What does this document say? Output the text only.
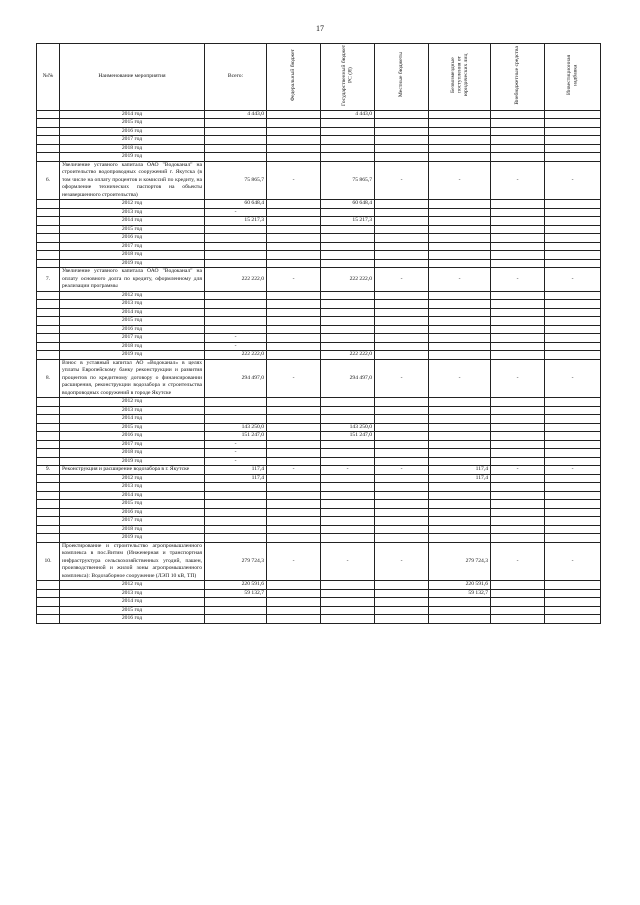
17
№№	Наименование мероприятия	Всего:	Федеральный бюджет	Государственный бюджет РС (Я)	Местные бюджеты	Безвозмездные поступления от юридических лиц	Внебюджетные средства	Инвестиционная надбавка
	2014 год	4 443,0		4 443,0				
	2015 год							
	2016 год							
	2017 год							
	2018 год							
	2019 год							
6.	Увеличение уставного капитала ОАО "Водоканал" на строительство водопроводных сооружений г. Якутска (в том числе на оплату процентов и комиссий по кредиту, на оформление технических паспортов на объекты незавершенного строительства)	75 865,7	-	75 865,7	-	-	-	-
	2012 год	60 648,4		60 648,4				
	2013 год	-						
	2014 год	15 217,3		15 217,3				
	2015 год							
	2016 год							
	2017 год							
	2018 год							
	2019 год							
7.	Увеличение уставного капитала ОАО "Водоканал" на оплату основного долга по кредиту, оформленному для реализации программы	222 222,0	-	222 222,0	-	-	-	-
	2012 год							
	2013 год							
	2014 год							
	2015 год							
	2016 год							
	2017 год	-						
	2018 год	-						
	2019 год	222 222,0		222 222,0				
8.	Взнос в уставный капитал АО «Водоканал» в целях уплаты Европейскому банку реконструкции и развития процентов по кредитному договору о финансировании расширения, реконструкции водозабора и строительства водопроводных сооружений в городе Якутске	294 497,0	-	294 497,0	-	-	-	-
	2012 год							
	2013 год							
	2014 год							
	2015 год	143 250,0		143 250,0				
	2016 год	151 247,0		151 247,0				
	2017 год	-						
	2018 год	-						
	2019 год	-						
9.	Реконструкция и расширение водозабора в г. Якутске	117,4	-	-	-	117,4	-	-
	2012 год	117,4				117,4		
	2013 год							
	2014 год							
	2015 год							
	2016 год							
	2017 год							
	2018 год							
	2019 год							
10.	Проектирование и строительство агропромышленного комплекса в пос.Витим (Инженерная и транспортная инфраструктура сельскохозяйственных угодий, пашен, производственной и жилой зоны агропромышленного комплекса): Водозаборное сооружение (ЛЭП 10 кВ, ТП)	279 724,3	-	-	-	279 724,3	-	-
	2012 год	220 591,6				220 591,6		
	2013 год	59 132,7				59 132,7		
	2014 год							
	2015 год							
	2016 год							
